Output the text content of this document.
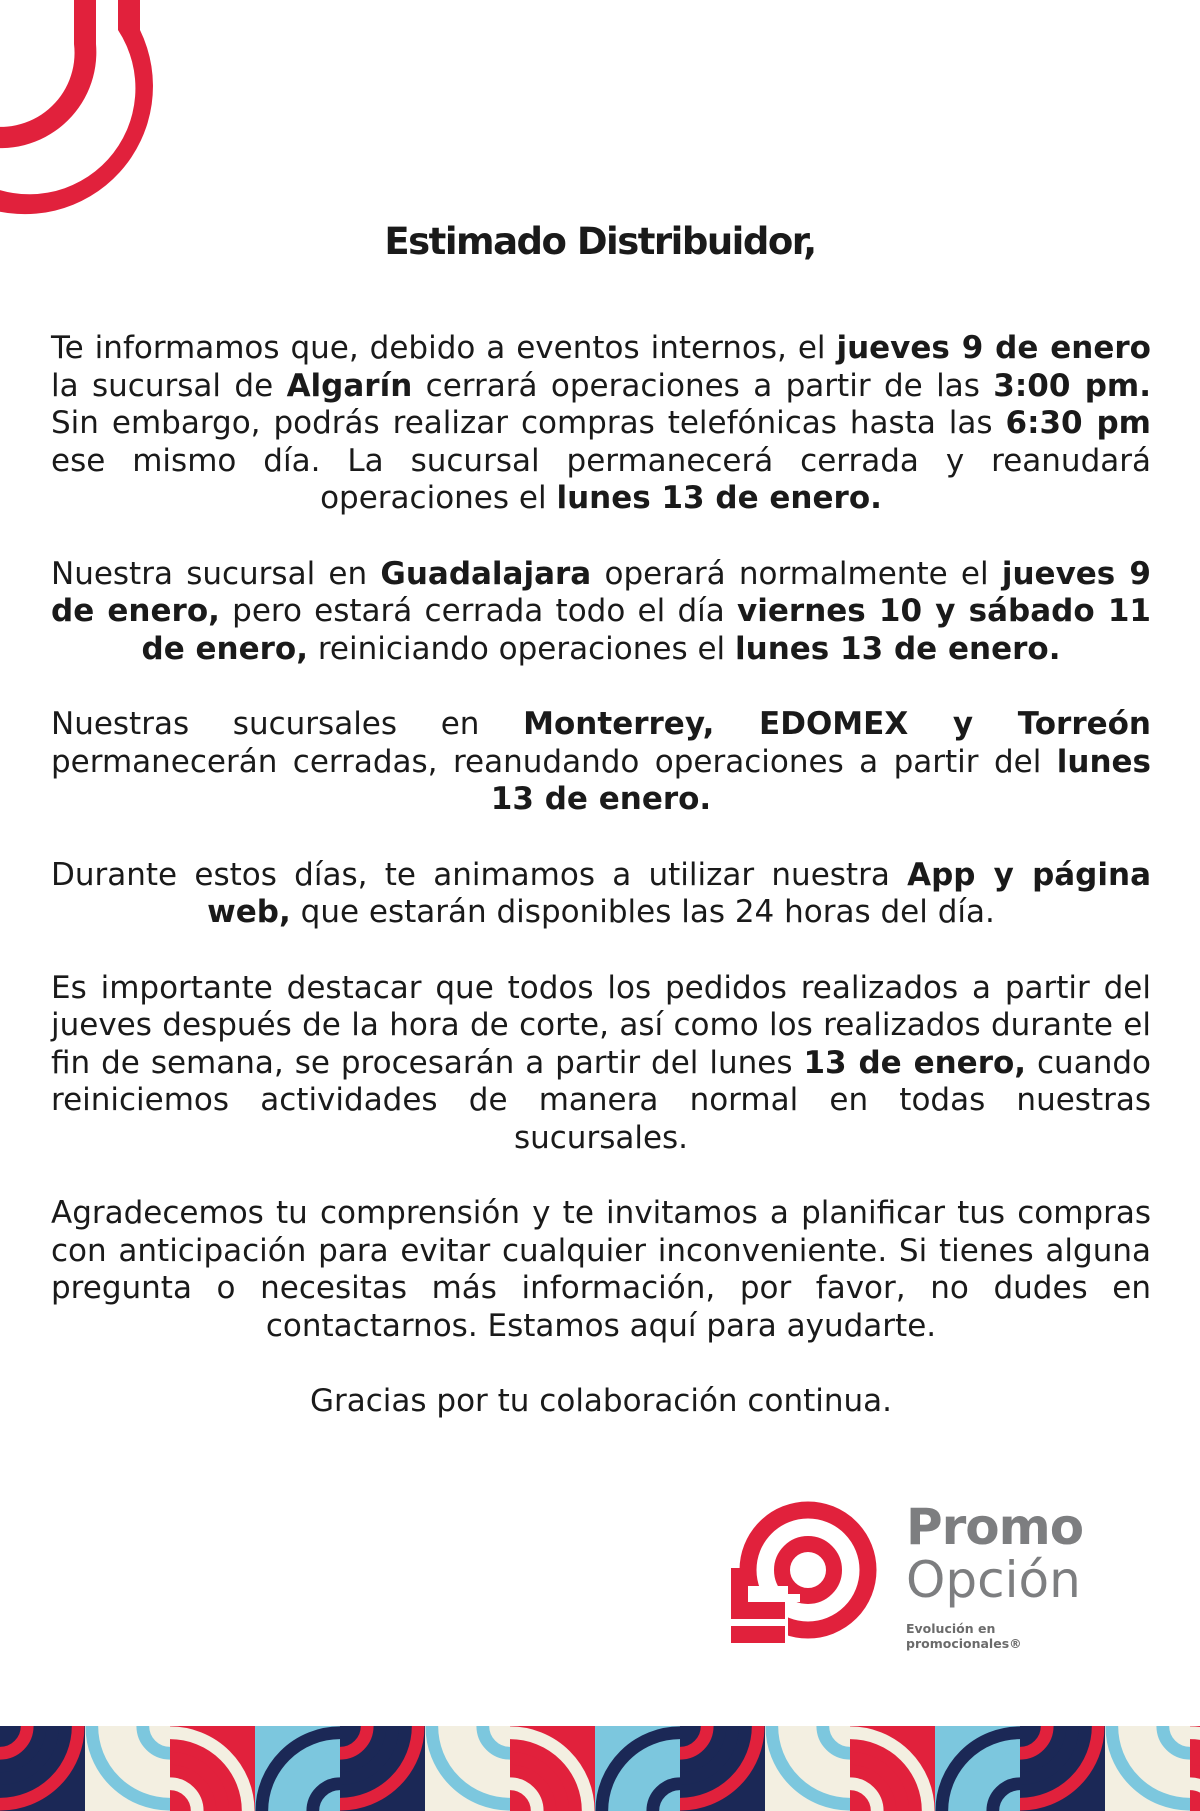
Estimado Distribuidor,

Te informamos que, debido a eventos internos, el jueves 9 de enero la sucursal de Algarín cerrará operaciones a partir de las 3:00 pm. Sin embargo, podrás realizar compras telefónicas hasta las 6:30 pm ese mismo día. La sucursal permanecerá cerrada y reanudará operaciones el lunes 13 de enero.

Nuestra sucursal en Guadalajara operará normalmente el jueves 9 de enero, pero estará cerrada todo el día viernes 10 y sábado 11 de enero, reiniciando operaciones el lunes 13 de enero.

Nuestras sucursales en Monterrey, EDOMEX y Torreón permanecerán cerradas, reanudando operaciones a partir del lunes 13 de enero.

Durante estos días, te animamos a utilizar nuestra App y página web, que estarán disponibles las 24 horas del día.

Es importante destacar que todos los pedidos realizados a partir del jueves después de la hora de corte, así como los realizados durante el fin de semana, se procesarán a partir del lunes 13 de enero, cuando reiniciemos actividades de manera normal en todas nuestras sucursales.

Agradecemos tu comprensión y te invitamos a planificar tus compras con anticipación para evitar cualquier inconveniente. Si tienes alguna pregunta o necesitas más información, por favor, no dudes en contactarnos. Estamos aquí para ayudarte.

Gracias por tu colaboración continua.

Promo
Opción
Evolución en promocionales®
